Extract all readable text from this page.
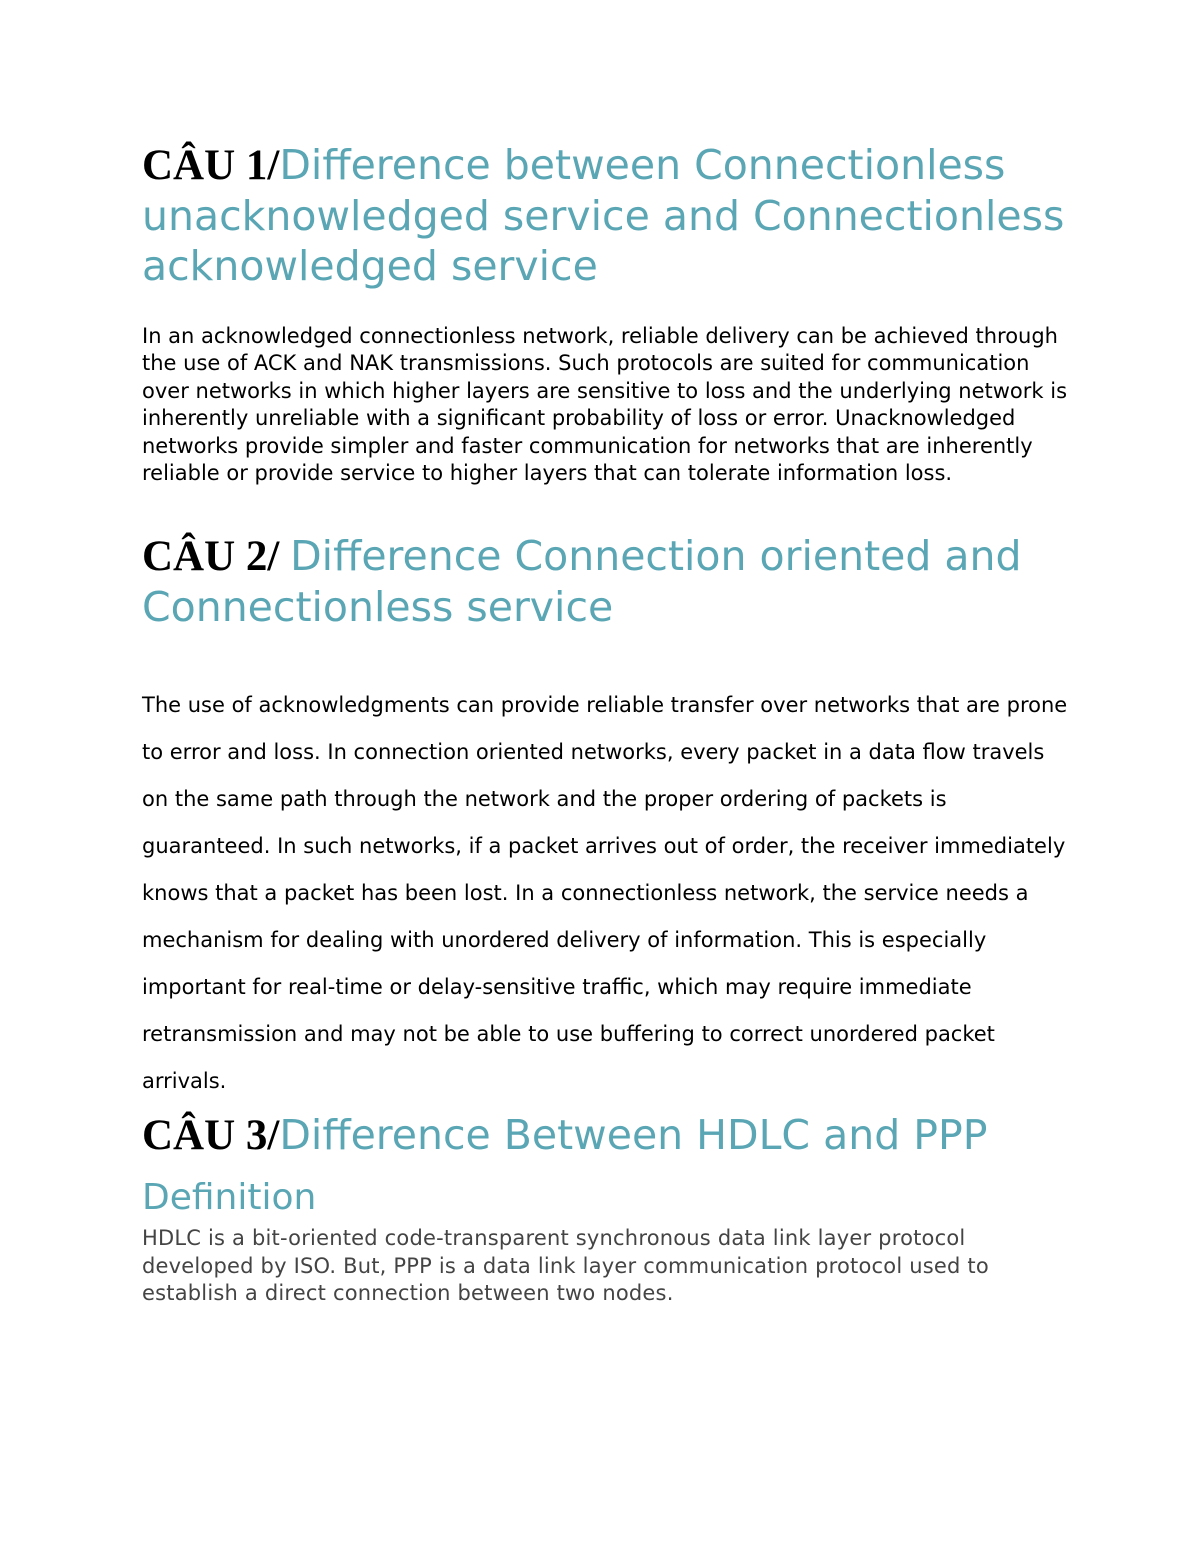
CÂU 1/Difference between Connectionless unacknowledged service and Connectionless acknowledged service

In an acknowledged connectionless network, reliable delivery can be achieved through the use of ACK and NAK transmissions. Such protocols are suited for communication over networks in which higher layers are sensitive to loss and the underlying network is inherently unreliable with a significant probability of loss or error. Unacknowledged networks provide simpler and faster communication for networks that are inherently reliable or provide service to higher layers that can tolerate information loss.

CÂU 2/ Difference Connection oriented and Connectionless service

The use of acknowledgments can provide reliable transfer over networks that are prone to error and loss. In connection oriented networks, every packet in a data flow travels on the same path through the network and the proper ordering of packets is guaranteed. In such networks, if a packet arrives out of order, the receiver immediately knows that a packet has been lost. In a connectionless network, the service needs a mechanism for dealing with unordered delivery of information. This is especially important for real-time or delay-sensitive traffic, which may require immediate retransmission and may not be able to use buffering to correct unordered packet arrivals.

CÂU 3/Difference Between HDLC and PPP
Definition

HDLC is a bit-oriented code-transparent synchronous data link layer protocol developed by ISO. But, PPP is a data link layer communication protocol used to establish a direct connection between two nodes.
